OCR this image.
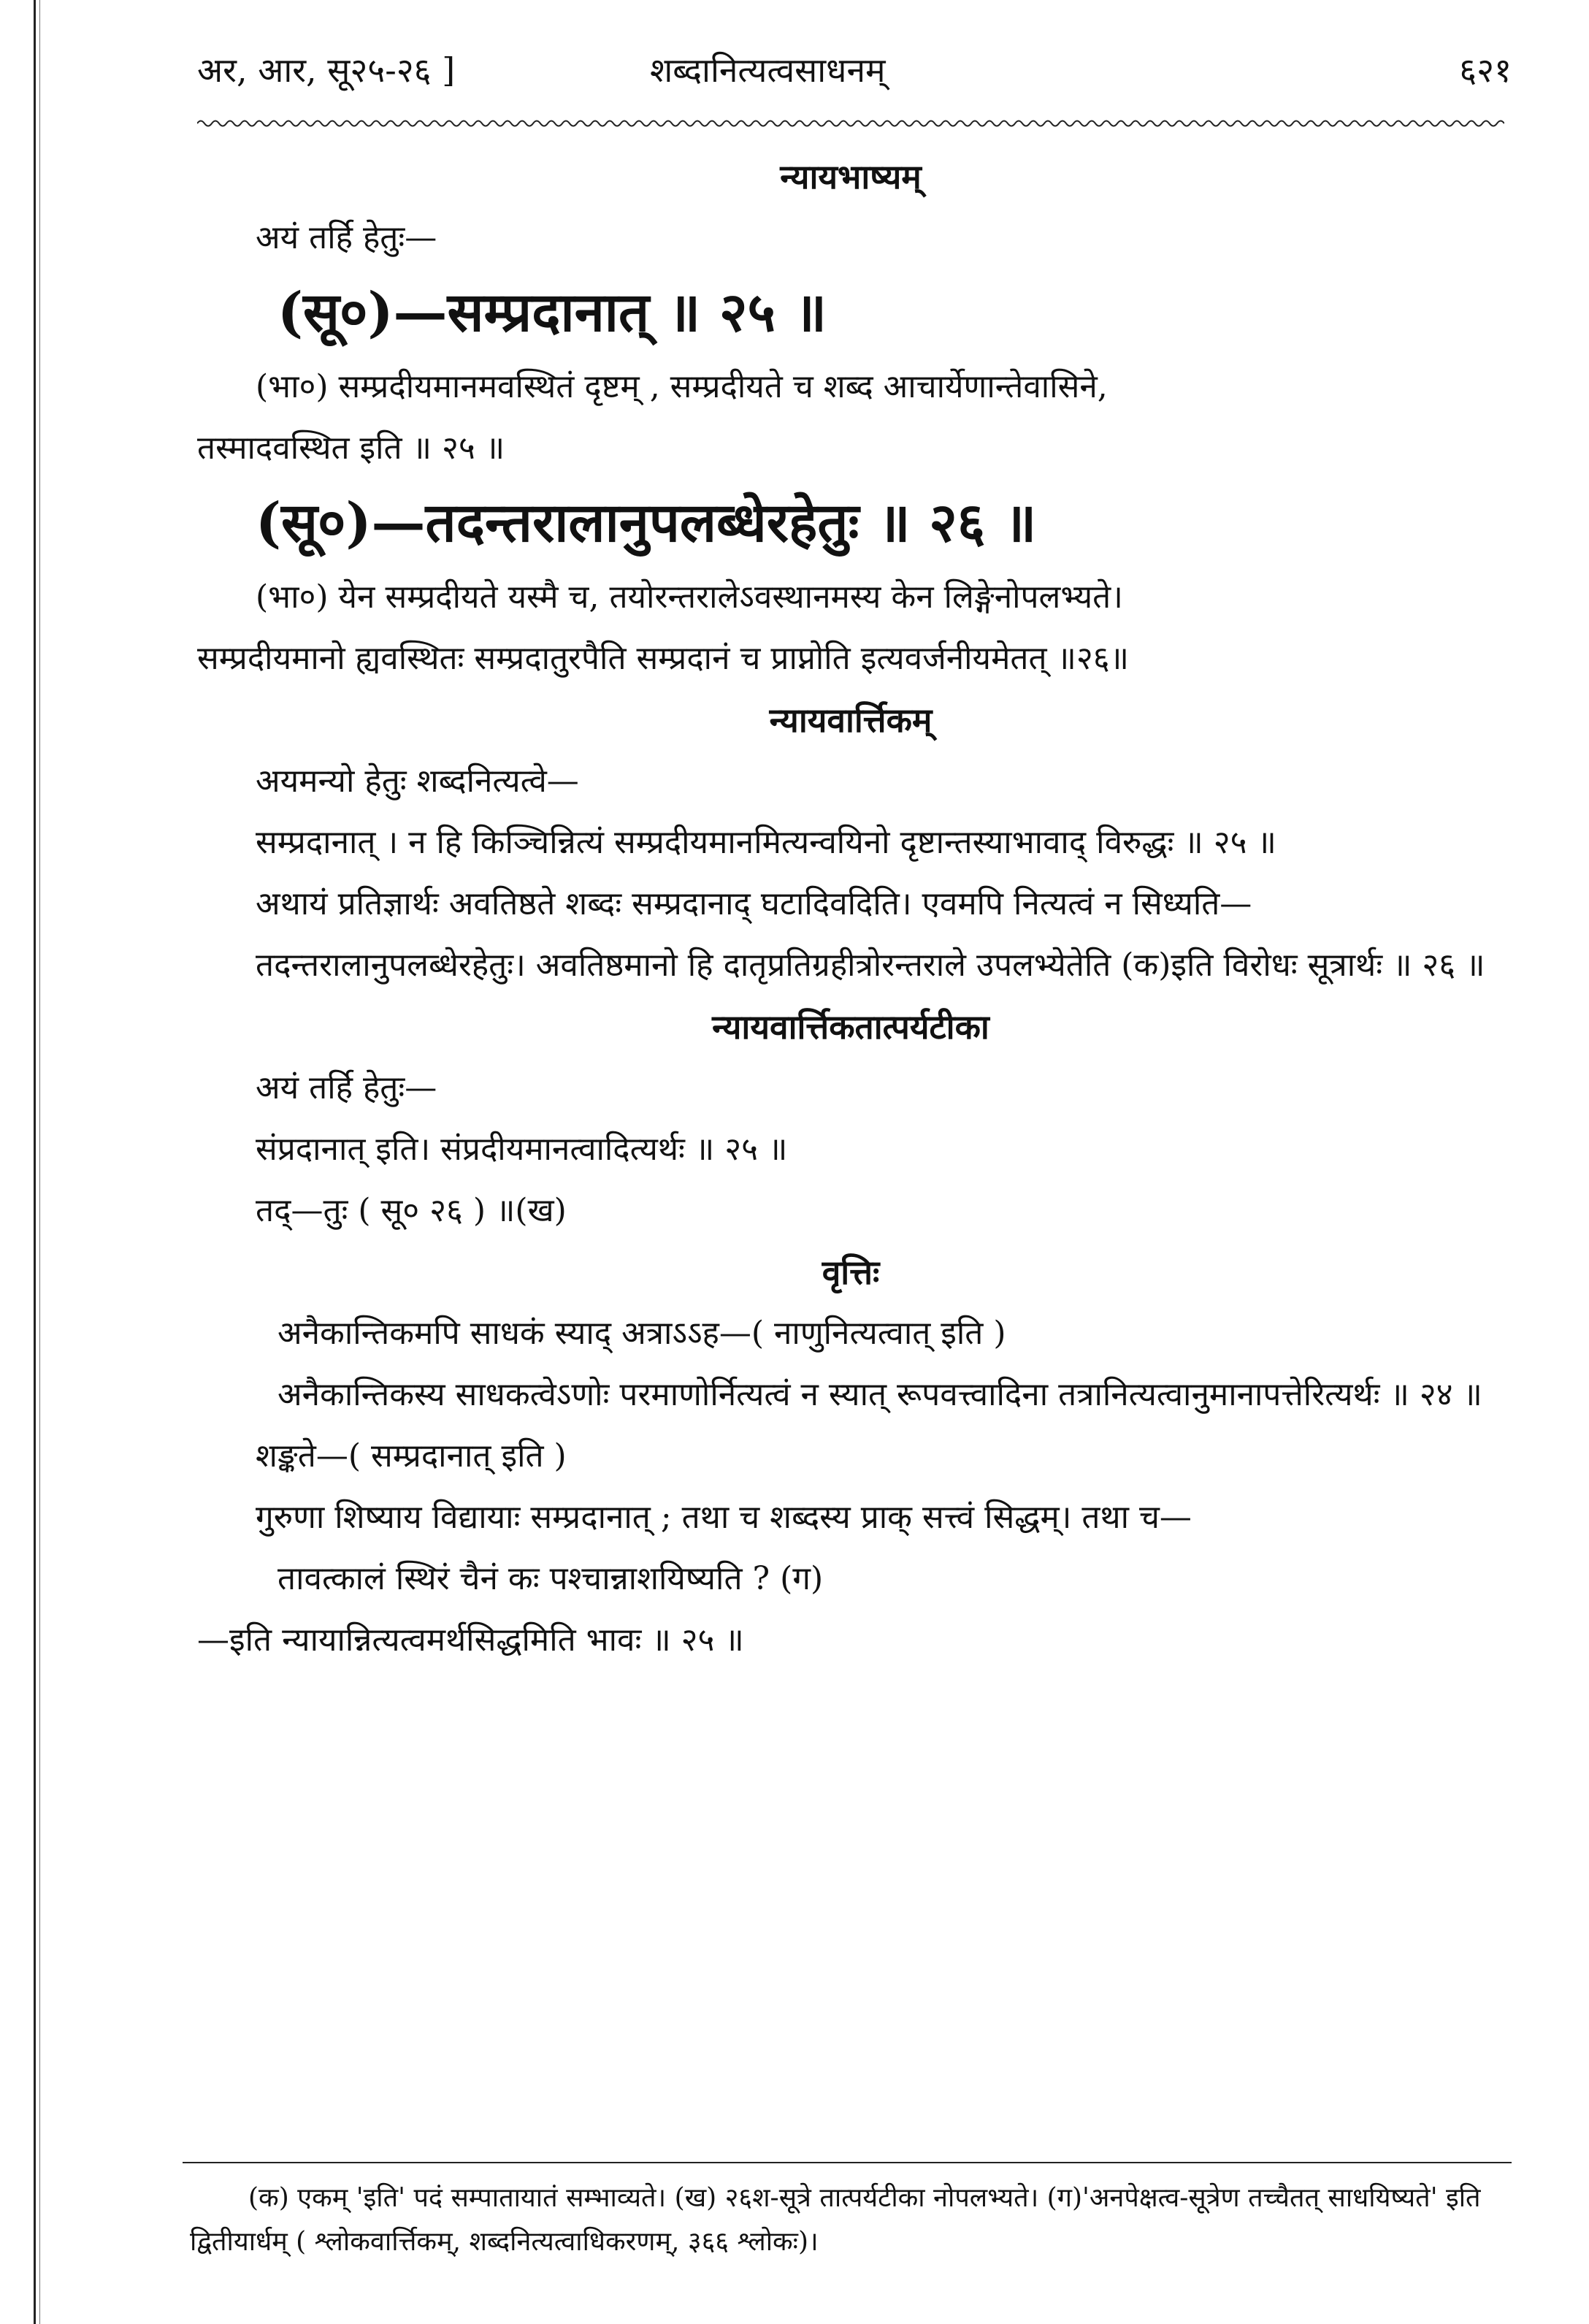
अर, आर, सू२५-२६ ]	शब्दानित्यत्वसाधनम्	६२१
न्यायभाष्यम्
अयं तर्हि हेतुः—
(सू०)—सम्प्रदानात् ॥ २५ ॥
(भा०) सम्प्रदीयमानमवस्थितं दृष्टम् , सम्प्रदीयते च शब्द आचार्येणान्तेवासिने,
तस्मादवस्थित इति ॥ २५ ॥
(सू०)—तदन्तरालानुपलब्धेरहेतुः ॥ २६ ॥
(भा०) येन सम्प्रदीयते यस्मै च, तयोरन्तरालेऽवस्थानमस्य केन लिङ्गेनोपलभ्यते।
सम्प्रदीयमानो ह्यवस्थितः सम्प्रदातुरपैति सम्प्रदानं च प्राप्नोति इत्यवर्जनीयमेतत् ॥२६॥
न्यायवार्त्तिकम्
अयमन्यो हेतुः शब्दनित्यत्वे—
सम्प्रदानात् । न हि किञ्चिन्नित्यं सम्प्रदीयमानमित्यन्वयिनो दृष्टान्तस्याभावाद् विरुद्धः ॥ २५ ॥
अथायं प्रतिज्ञार्थः अवतिष्ठते शब्दः सम्प्रदानाद् घटादिवदिति। एवमपि नित्यत्वं न सिध्यति—
तदन्तरालानुपलब्धेरहेतुः। अवतिष्ठमानो हि दातृप्रतिग्रहीत्रोरन्तराले उपलभ्येतेति (क)इति विरोधः सूत्रार्थः ॥ २६ ॥
न्यायवार्त्तिकतात्पर्यटीका
अयं तर्हि हेतुः—
संप्रदानात् इति। संप्रदीयमानत्वादित्यर्थः ॥ २५ ॥
तद्—तुः ( सू० २६ ) ॥(ख)
वृत्तिः
अनैकान्तिकमपि साधकं स्याद् अत्राऽऽह—( नाणुनित्यत्वात् इति )
अनैकान्तिकस्य साधकत्वेऽणोः परमाणोर्नित्यत्वं न स्यात् रूपवत्त्वादिना तत्रानित्यत्वानुमानापत्तेरित्यर्थः ॥ २४ ॥
शङ्कते—( सम्प्रदानात् इति )
गुरुणा शिष्याय विद्यायाः सम्प्रदानात् ; तथा च शब्दस्य प्राक् सत्त्वं सिद्धम्। तथा च—
तावत्कालं स्थिरं चैनं कः पश्चान्नाशयिष्यति ? (ग)
—इति न्यायान्नित्यत्वमर्थसिद्धमिति भावः ॥ २५ ॥
(क) एकम् 'इति' पदं सम्पातायातं सम्भाव्यते। (ख) २६श-सूत्रे तात्पर्यटीका नोपलभ्यते। (ग)'अनपेक्षत्व-सूत्रेण तच्चैतत् साधयिष्यते' इति द्वितीयार्धम् ( श्लोकवार्त्तिकम्, शब्दनित्यत्वाधिकरणम्, ३६६ श्लोकः)।
